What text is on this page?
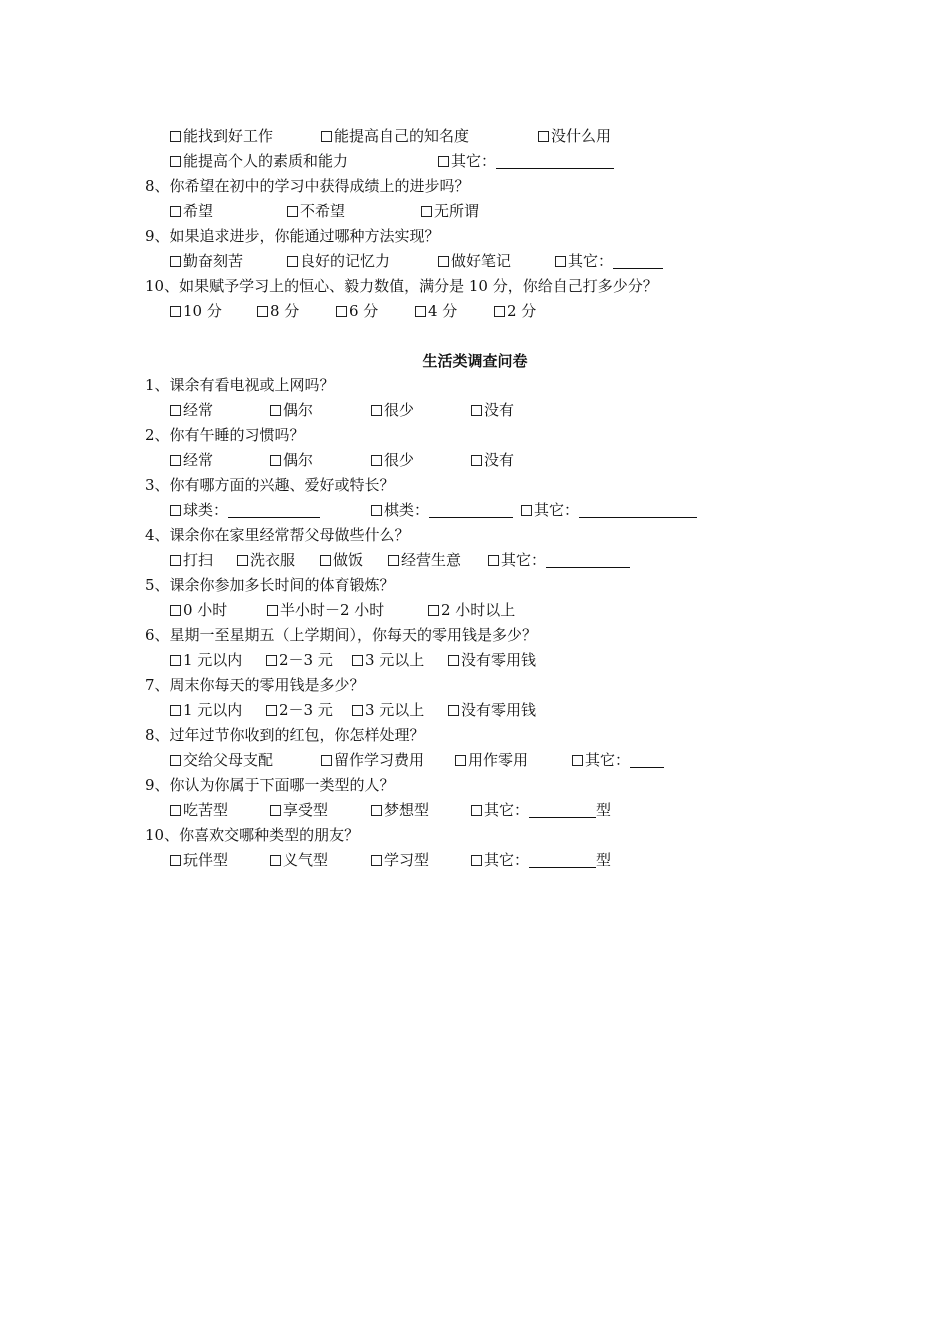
能找到好工作	能提高自己的知名度	没什么用
能提高个人的素质和能力	其它：
8、你希望在初中的学习中获得成绩上的进步吗？
希望	不希望	无所谓
9、如果追求进步，你能通过哪种方法实现？
勤奋刻苦	良好的记忆力	做好笔记	其它：
10、如果赋予学习上的恒心、毅力数值，满分是 10 分，你给自己打多少分？
10 分	8 分	6 分	4 分	2 分
生活类调查问卷
1、课余有看电视或上网吗？
经常	偶尔	很少	没有
2、你有午睡的习惯吗？
经常	偶尔	很少	没有
3、你有哪方面的兴趣、爱好或特长？
球类：	棋类：	其它：
4、课余你在家里经常帮父母做些什么？
打扫	洗衣服	做饭	经营生意	其它：
5、课余你参加多长时间的体育锻炼？
0 小时	半小时－2 小时	2 小时以上
6、星期一至星期五（上学期间），你每天的零用钱是多少？
1 元以内	2－3 元	3 元以上	没有零用钱
7、周末你每天的零用钱是多少？
1 元以内	2－3 元	3 元以上	没有零用钱
8、过年过节你收到的红包，你怎样处理？
交给父母支配	留作学习费用	用作零用	其它：
9、你认为你属于下面哪一类型的人？
吃苦型	享受型	梦想型	其它：	型
10、你喜欢交哪种类型的朋友？
玩伴型	义气型	学习型	其它：	型
